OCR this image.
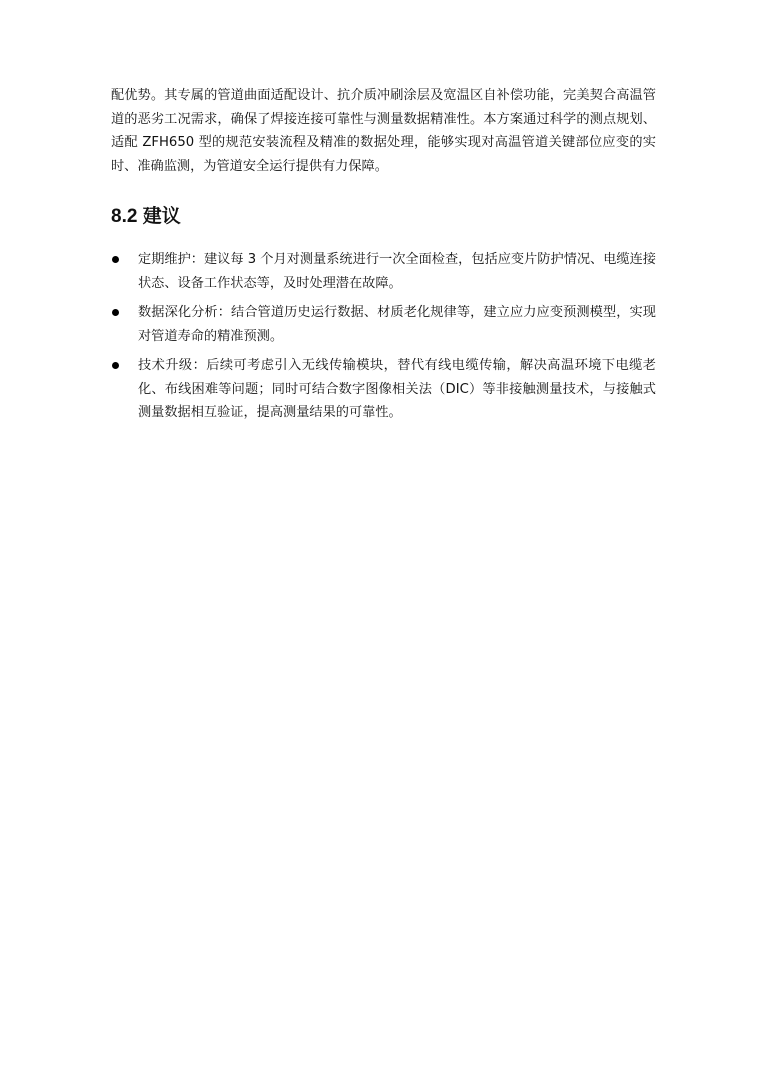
配优势。其专属的管道曲面适配设计、抗介质冲刷涂层及宽温区自补偿功能，完美契合高温管道的恶劣工况需求，确保了焊接连接可靠性与测量数据精准性。本方案通过科学的测点规划、适配 ZFH650 型的规范安装流程及精准的数据处理，能够实现对高温管道关键部位应变的实时、准确监测，为管道安全运行提供有力保障。

8.2 建议
定期维护：建议每 3 个月对测量系统进行一次全面检查，包括应变片防护情况、电缆连接状态、设备工作状态等，及时处理潜在故障。
数据深化分析：结合管道历史运行数据、材质老化规律等，建立应力应变预测模型，实现对管道寿命的精准预测。
技术升级：后续可考虑引入无线传输模块，替代有线电缆传输，解决高温环境下电缆老化、布线困难等问题；同时可结合数字图像相关法（DIC）等非接触测量技术，与接触式测量数据相互验证，提高测量结果的可靠性。
